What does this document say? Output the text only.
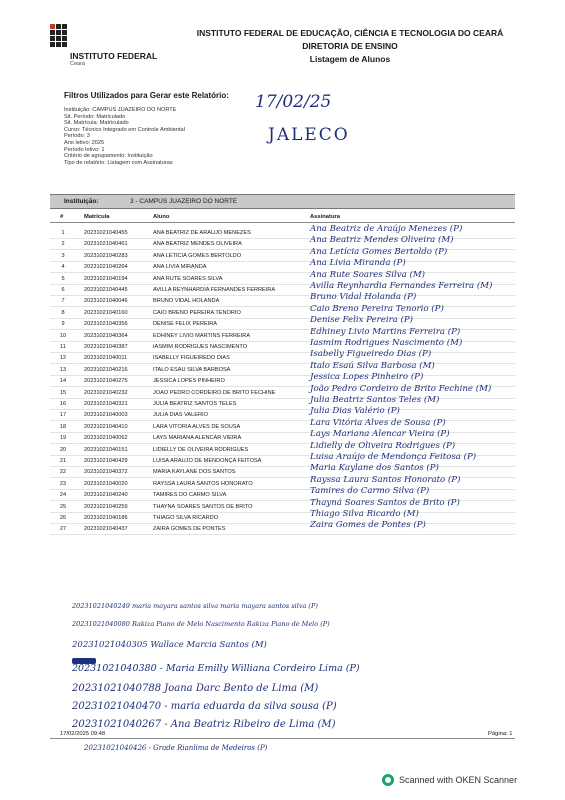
INSTITUTO FEDERAL
Ceará
INSTITUTO FEDERAL DE EDUCAÇÃO, CIÊNCIA E TECNOLOGIA DO CEARÁ
DIRETORIA DE ENSINO
Listagem de Alunos
Filtros Utilizados para Gerar este Relatório:
Instituição: CAMPUS JUAZEIRO DO NORTE
Sit. Período: Matriculado
Sit. Matrícula: Matriculado
Curso: Técnico Integrado em Controle Ambiental
Período: 3
Ano letivo: 2025
Período letivo: 1
Critério de agrupamento: Instituição
Tipo de relatório: Listagem com Assinaturas
17/02/25
JALECO
Instituição:	3 - CAMPUS JUAZEIRO DO NORTE
#	Matrícula	Aluno	Assinatura
1	20231021040455	ANA BEATRIZ DE ARAUJO MENEZES	Ana Beatriz de Araújo Menezes (P)
2	20231021040461	ANA BEATRIZ MENDES OLIVEIRA	Ana Beatriz Mendes Oliveira (M)
3	20231021040283	ANA LETICIA GOMES BERTOLDO	Ana Letícia Gomes Bertoldo (P)
4	20231021040264	ANA LIVIA MIRANDA	Ana Livia Miranda (P)
5	20231021040194	ANA RUTE SOARES SILVA	Ana Rute Soares Silva (M)
6	20231021040445	AVILLA REYNHARDIA FERNANDES FERREIRA	Avilla Reynhardia Fernandes Ferreira (M)
7	20231021040046	BRUNO VIDAL HOLANDA	Bruno Vidal Holanda (P)
8	20231021040160	CAIO BRENO PEREIRA TENORIO	Caio Breno Pereira Tenorio (P)
9	20231021040356	DENISE FELIX PEREIRA	Denise Felix Pereira (P)
10	20231021040364	EDHINEY LIVIO MARTINS FERREIRA	Edhiney Livio Martins Ferreira (P)
11	20231021040387	IASMIM RODRIGUES NASCIMENTO	Iasmim Rodrigues Nascimento (M)
12	20231021040011	ISABELLY FIGUEIREDO DIAS	Isabelly Figueiredo Dias (P)
13	20231021040216	ITALO ESAÚ SILVA BARBOSA	Italo Esaú Silva Barbosa (M)
14	20231021040275	JESSICA LOPES PINHEIRO	Jessica Lopes Pinheiro (P)
15	20231021040232	JOÃO PEDRO CORDEIRO DE BRITO FECHINE	João Pedro Cordeiro de Brito Fechine (M)
16	20231021040321	JULIA BEATRIZ SANTOS TELES	Julia Beatriz Santos Teles (M)
17	20231021040003	JULIA DIAS VALÉRIO	Julia Dias Valério (P)
18	20231021040410	LARA VITÓRIA ALVES DE SOUSA	Lara Vitória Alves de Sousa (P)
19	20231021040062	LAYS MARIANA ALENCAR VIEIRA	Lays Mariana Alencar Vieira (P)
20	20231021040151	LIDIELLY DE OLIVEIRA RODRIGUES	Lidielly de Oliveira Rodrigues (P)
21	20231021040429	LUISA ARAUJO DE MENDONÇA FEITOSA	Luisa Araújo de Mendonça Feitosa (P)
22	20231021040372	MARIA KAYLANE DOS SANTOS	Maria Kaylane dos Santos (P)
23	20231021040020	RAYSSA LAURA SANTOS HONORATO	Rayssa Laura Santos Honorato (P)
24	20231021040240	TAMIRES DO CARMO SILVA	Tamires do Carmo Silva (P)
25	20231021040259	THAYNÁ SOARES SANTOS DE BRITO	Thayná Soares Santos de Brito (P)
26	20231021040186	THIAGO SILVA RICARDO	Thiago Silva Ricardo (M)
27	20231021040437	ZAIRA GOMES DE PONTES	Zaira Gomes de Pontes (P)
20231021040249 maria mayara santos silva maria mayara santos silva (P)
20231021040080 Rakiza Piano de Melo Nascimento Rakiza Piano de Melo (P)
20231021040305 Wallace Marcia Santos (M)
20231021040380 - Maria Emilly Williana Cordeiro Lima (P)
20231021040788 Joana Darc Bento de Lima (M)
20231021040470 - maria eduarda da silva sousa (P)
20231021040267 - Ana Beatriz Ribeiro de Lima (M)
20231021040426 - Grade Rianlima de Medeiros (P)
17/02/2025 09:48	Página: 1
Scanned with OKEN Scanner
